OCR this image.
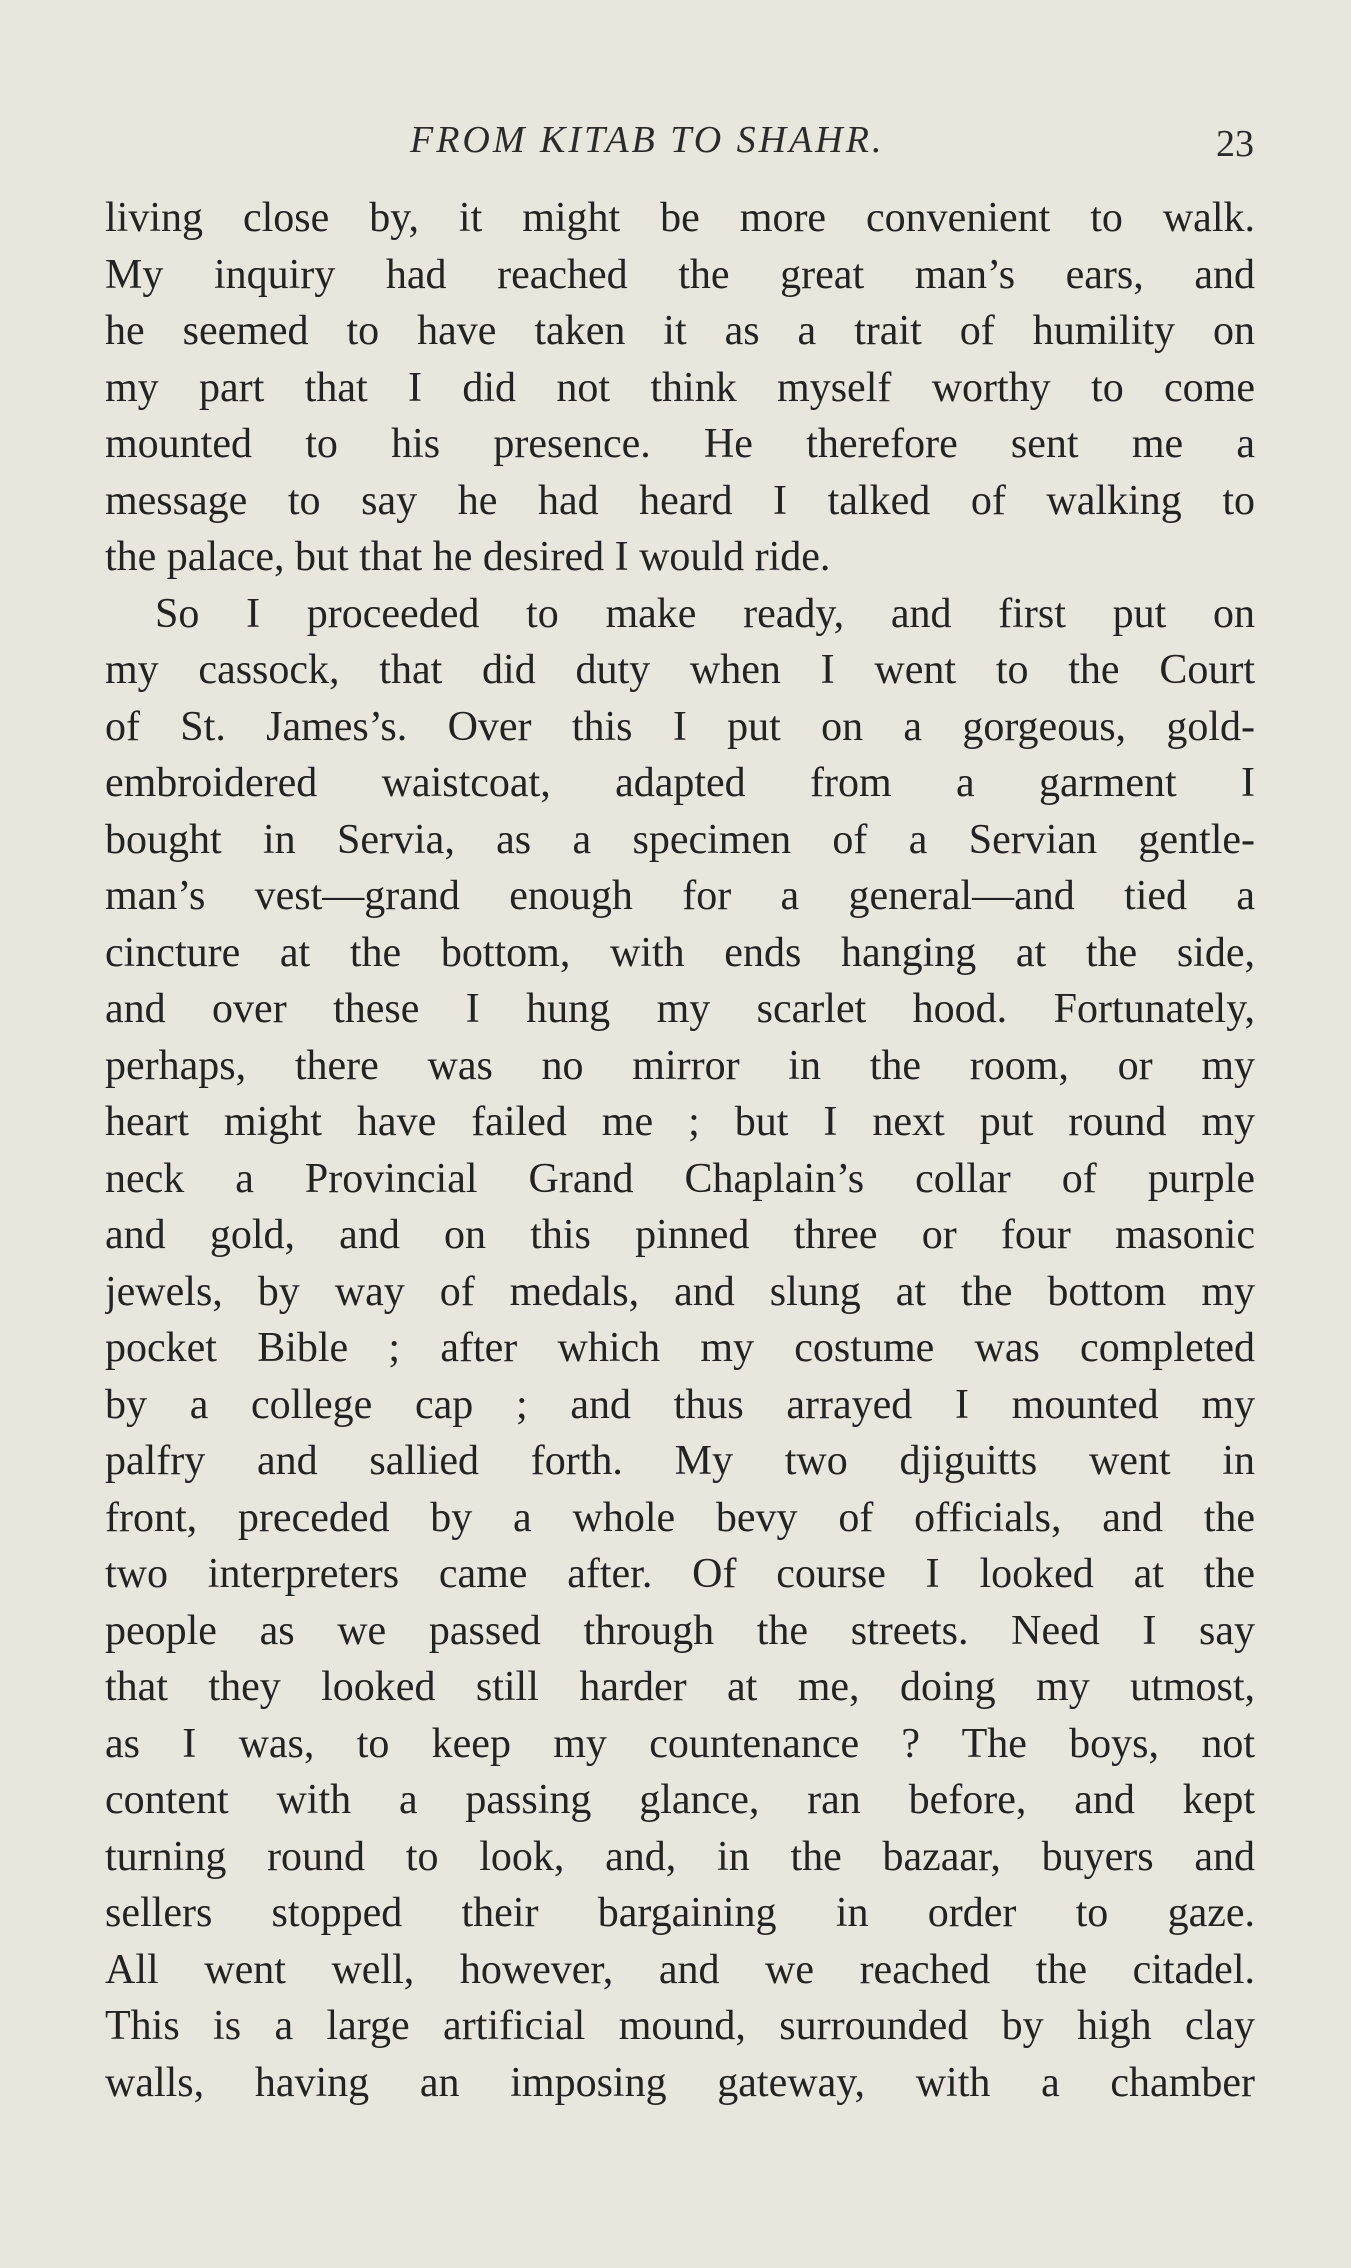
FROM KITAB TO SHAHR.	23
living close by, it might be more convenient to walk.
My inquiry had reached the great man’s ears, and
he seemed to have taken it as a trait of humility on
my part that I did not think myself worthy to come
mounted to his presence. He therefore sent me a
message to say he had heard I talked of walking to
the palace, but that he desired I would ride.
So I proceeded to make ready, and first put on
my cassock, that did duty when I went to the Court
of St. James’s. Over this I put on a gorgeous, gold-
embroidered waistcoat, adapted from a garment I
bought in Servia, as a specimen of a Servian gentle-
man’s vest—grand enough for a general—and tied a
cincture at the bottom, with ends hanging at the side,
and over these I hung my scarlet hood. Fortunately,
perhaps, there was no mirror in the room, or my
heart might have failed me ; but I next put round my
neck a Provincial Grand Chaplain’s collar of purple
and gold, and on this pinned three or four masonic
jewels, by way of medals, and slung at the bottom my
pocket Bible ; after which my costume was completed
by a college cap ; and thus arrayed I mounted my
palfry and sallied forth. My two djiguitts went in
front, preceded by a whole bevy of officials, and the
two interpreters came after. Of course I looked at the
people as we passed through the streets. Need I say
that they looked still harder at me, doing my utmost,
as I was, to keep my countenance ? The boys, not
content with a passing glance, ran before, and kept
turning round to look, and, in the bazaar, buyers and
sellers stopped their bargaining in order to gaze.
All went well, however, and we reached the citadel.
This is a large artificial mound, surrounded by high clay
walls, having an imposing gateway, with a chamber
